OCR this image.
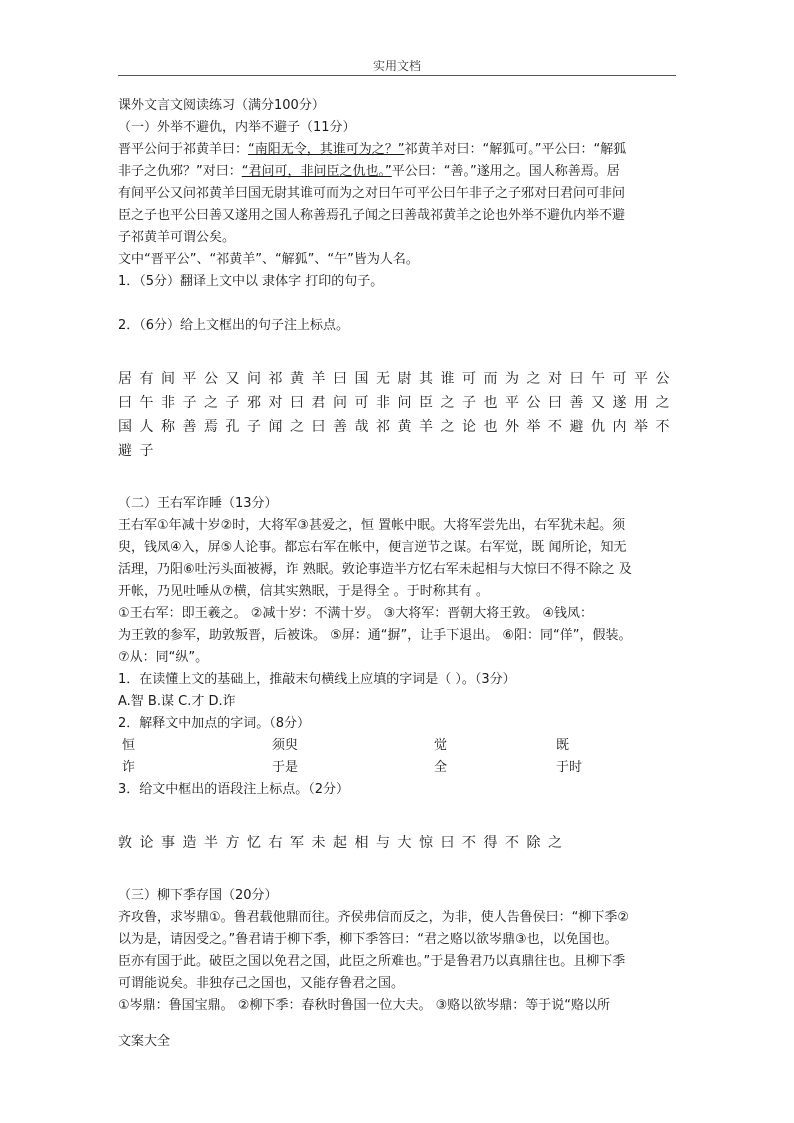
实用文档

课外文言文阅读练习（满分100分）

（一）外举不避仇，内举不避子（11分）

晋平公问于祁黄羊曰：“南阳无令，其谁可为之？”祁黄羊对曰：“解狐可。”平公曰：“解狐

非子之仇邪？”对曰：“君问可，非问臣之仇也。”平公曰：“善。”遂用之。国人称善焉。居

有间平公又问祁黄羊曰国无尉其谁可而为之对曰午可平公曰午非子之子邪对曰君问可非问

臣之子也平公曰善又遂用之国人称善焉孔子闻之曰善哉祁黄羊之论也外举不避仇内举不避

子祁黄羊可谓公矣。

文中“晋平公”、“祁黄羊”、“解狐”、“午”皆为人名。

1．（5分）翻译上文中以 隶体字 打印的句子。

2．（6分）给上文框出的句子注上标点。

居有间平公又问祁黄羊曰国无尉其谁可而为之对曰午可平公

曰午非子之子邪对曰君问可非问臣之子也平公曰善又遂用之

国人称善焉孔子闻之曰善哉祁黄羊之论也外举不避仇内举不

避子

（二）王右军诈睡（13分）

王右军①年减十岁②时，大将军③甚爱之，恒 置帐中眠。大将军尝先出，右军犹未起。须

臾，钱凤④入，屏⑤人论事。都忘右军在帐中，便言逆节之谋。右军觉，既 闻所论，知无

活理，乃阳⑥吐污头面被褥，诈 熟眠。敦论事造半方忆右军未起相与大惊曰不得不除之 及

开帐，乃见吐唾从⑦横，信其实熟眠，于是得全 。于时称其有 。

①王右军：即王羲之。 ②减十岁：不满十岁。 ③大将军：晋朝大将王敦。 ④钱凤：

为王敦的参军，助敦叛晋，后被诛。 ⑤屏：通“摒”，让手下退出。 ⑥阳：同“佯”，假装。

⑦从：同“纵”。

1．在读懂上文的基础上，推敲末句横线上应填的字词是（ ）。（3分）

A.智 B.谋 C.才 D.诈

2．解释文中加点的字词。（8分）

恒	须臾	觉	既
诈	于是	全	于时

3．给文中框出的语段注上标点。（2分）

敦论事造半方忆右军未起相与大惊曰不得不除之

（三）柳下季存国（20分）

齐攻鲁，求岑鼎①。鲁君载他鼎而往。齐侯弗信而反之，为非，使人告鲁侯曰：“柳下季②

以为是，请因受之。”鲁君请于柳下季，柳下季答曰：“君之赂以欲岑鼎③也，以免国也。

臣亦有国于此。破臣之国以免君之国，此臣之所难也。”于是鲁君乃以真鼎往也。且柳下季

可谓能说矣。非独存己之国也，又能存鲁君之国。

①岑鼎：鲁国宝鼎。 ②柳下季：春秋时鲁国一位大夫。 ③赂以欲岑鼎：等于说“赂以所

文案大全
